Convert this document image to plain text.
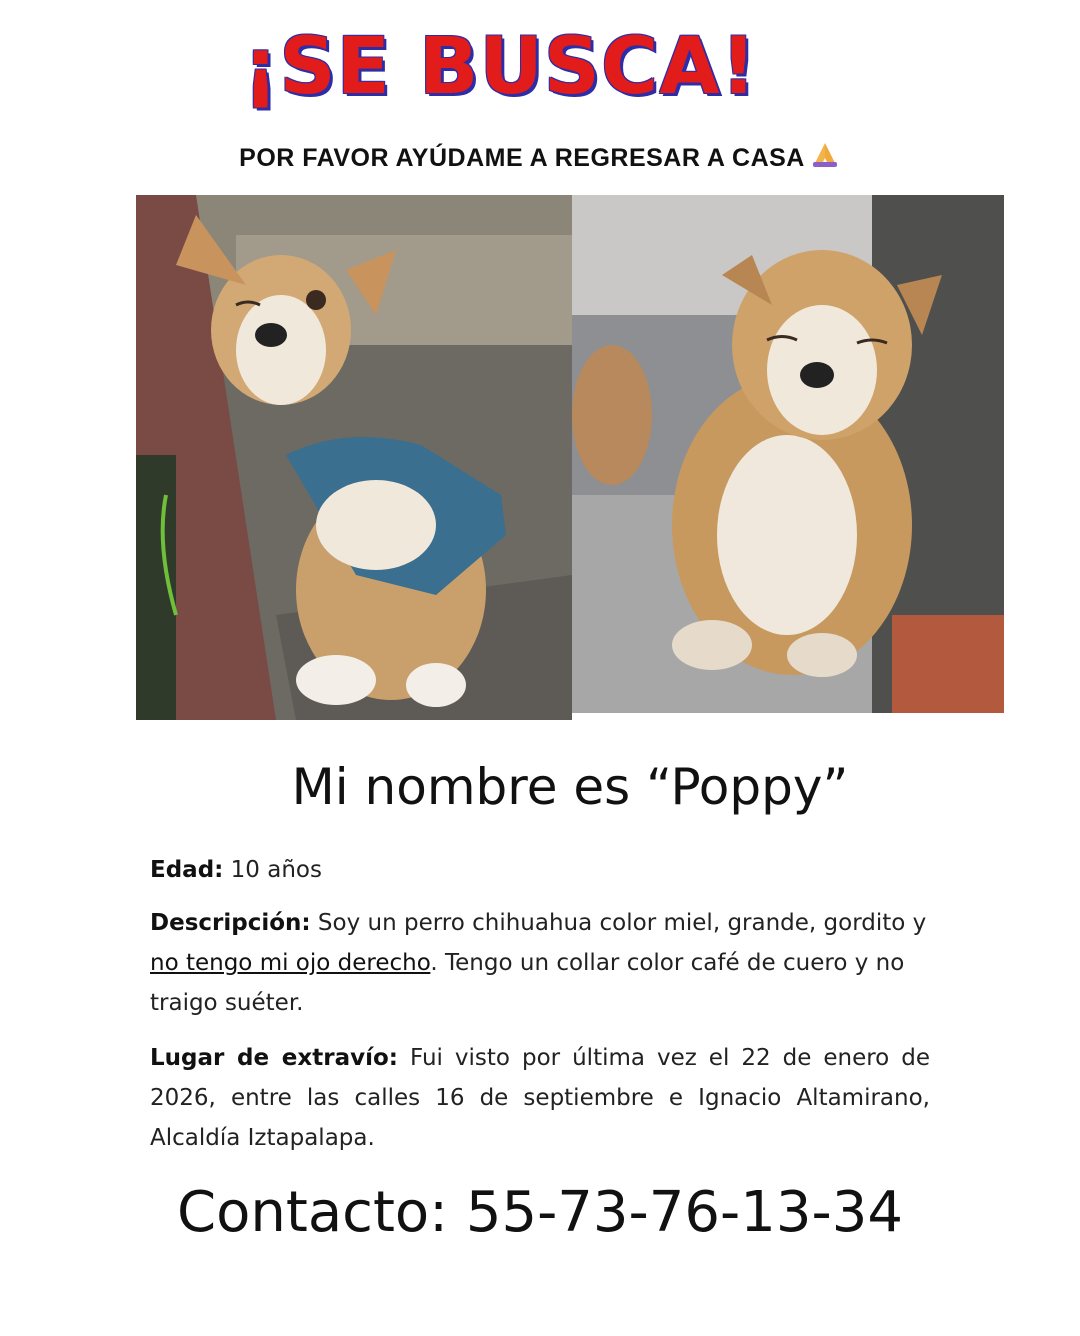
¡SE BUSCA!
POR FAVOR AYÚDAME A REGRESAR A CASA
Mi nombre es “Poppy”
Edad: 10 años
Descripción: Soy un perro chihuahua color miel, grande, gordito y no tengo mi ojo derecho. Tengo un collar color café de cuero y no traigo suéter.
Lugar de extravío: Fui visto por última vez el 22 de enero de 2026, entre las calles 16 de septiembre e Ignacio Altamirano, Alcaldía Iztapalapa.
Contacto: 55-73-76-13-34
